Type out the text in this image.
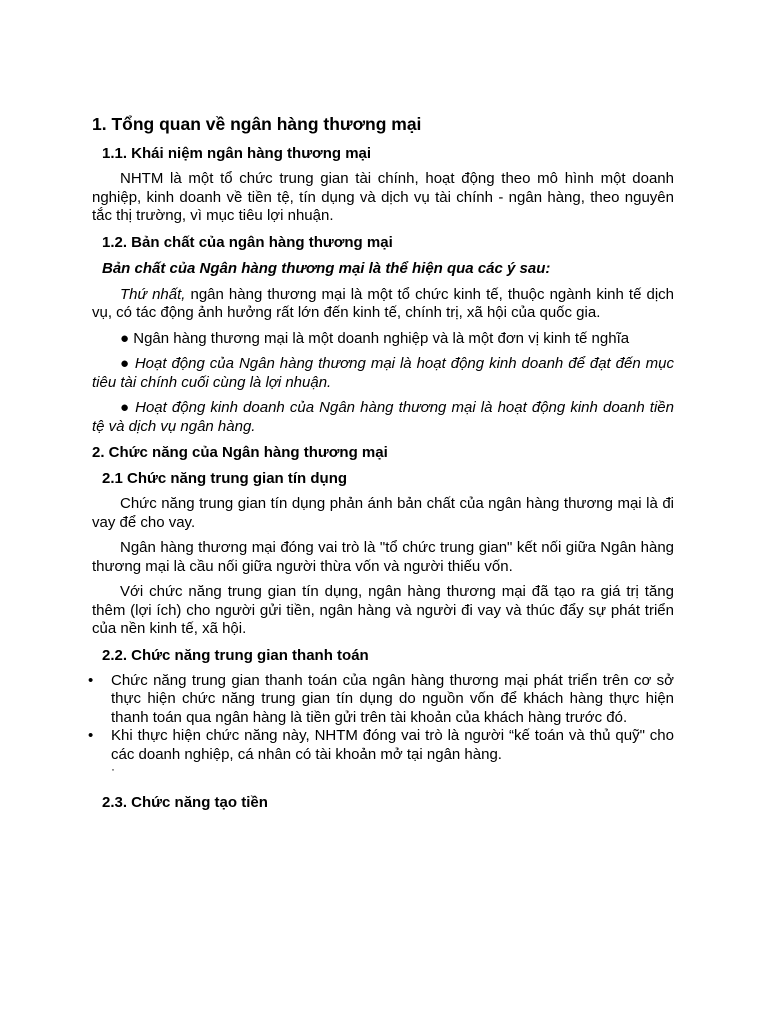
1. Tổng quan về ngân hàng thương mại
1.1. Khái niệm ngân hàng thương mại
NHTM là một tổ chức trung gian tài chính, hoạt động theo mô hình một doanh nghiệp, kinh doanh về tiền tệ, tín dụng và dịch vụ tài chính - ngân hàng, theo nguyên tắc thị trường, vì mục tiêu lợi nhuận.
1.2. Bản chất của ngân hàng thương mại
Bản chất của Ngân hàng thương mại là thể hiện qua các ý sau:
Thứ nhất, ngân hàng thương mại là một tổ chức kinh tế, thuộc ngành kinh tế dịch vụ, có tác động ảnh hưởng rất lớn đến kinh tế, chính trị, xã hội của quốc gia.
● Ngân hàng thương mại là một doanh nghiệp và là một đơn vị kinh tế nghĩa
● Hoạt động của Ngân hàng thương mại là hoạt động kinh doanh để đạt đến mục tiêu tài chính cuối cùng là lợi nhuận.
● Hoạt động kinh doanh của Ngân hàng thương mại là hoạt động kinh doanh tiền tệ và dịch vụ ngân hàng.
2. Chức năng của Ngân hàng thương mại
2.1 Chức năng trung gian tín dụng
Chức năng trung gian tín dụng phản ánh bản chất của ngân hàng thương mại là đi vay để cho vay.
Ngân hàng thương mại đóng vai trò là "tổ chức trung gian" kết nối giữa Ngân hàng thương mại là cầu nối giữa người thừa vốn và người thiếu vốn.
Với chức năng trung gian tín dụng, ngân hàng thương mại đã tạo ra giá trị tăng thêm (lợi ích) cho người gửi tiền, ngân hàng và người đi vay và thúc đẩy sự phát triển của nền kinh tế, xã hội.
2.2. Chức năng trung gian thanh toán
• Chức năng trung gian thanh toán của ngân hàng thương mại phát triển trên cơ sở thực hiện chức năng trung gian tín dụng do nguồn vốn để khách hàng thực hiện thanh toán qua ngân hàng là tiền gửi trên tài khoản của khách hàng trước đó.
• Khi thực hiện chức năng này, NHTM đóng vai trò là người “kế toán và thủ quỹ" cho các doanh nghiệp, cá nhân có tài khoản mở tại ngân hàng.
·
2.3. Chức năng tạo tiền
